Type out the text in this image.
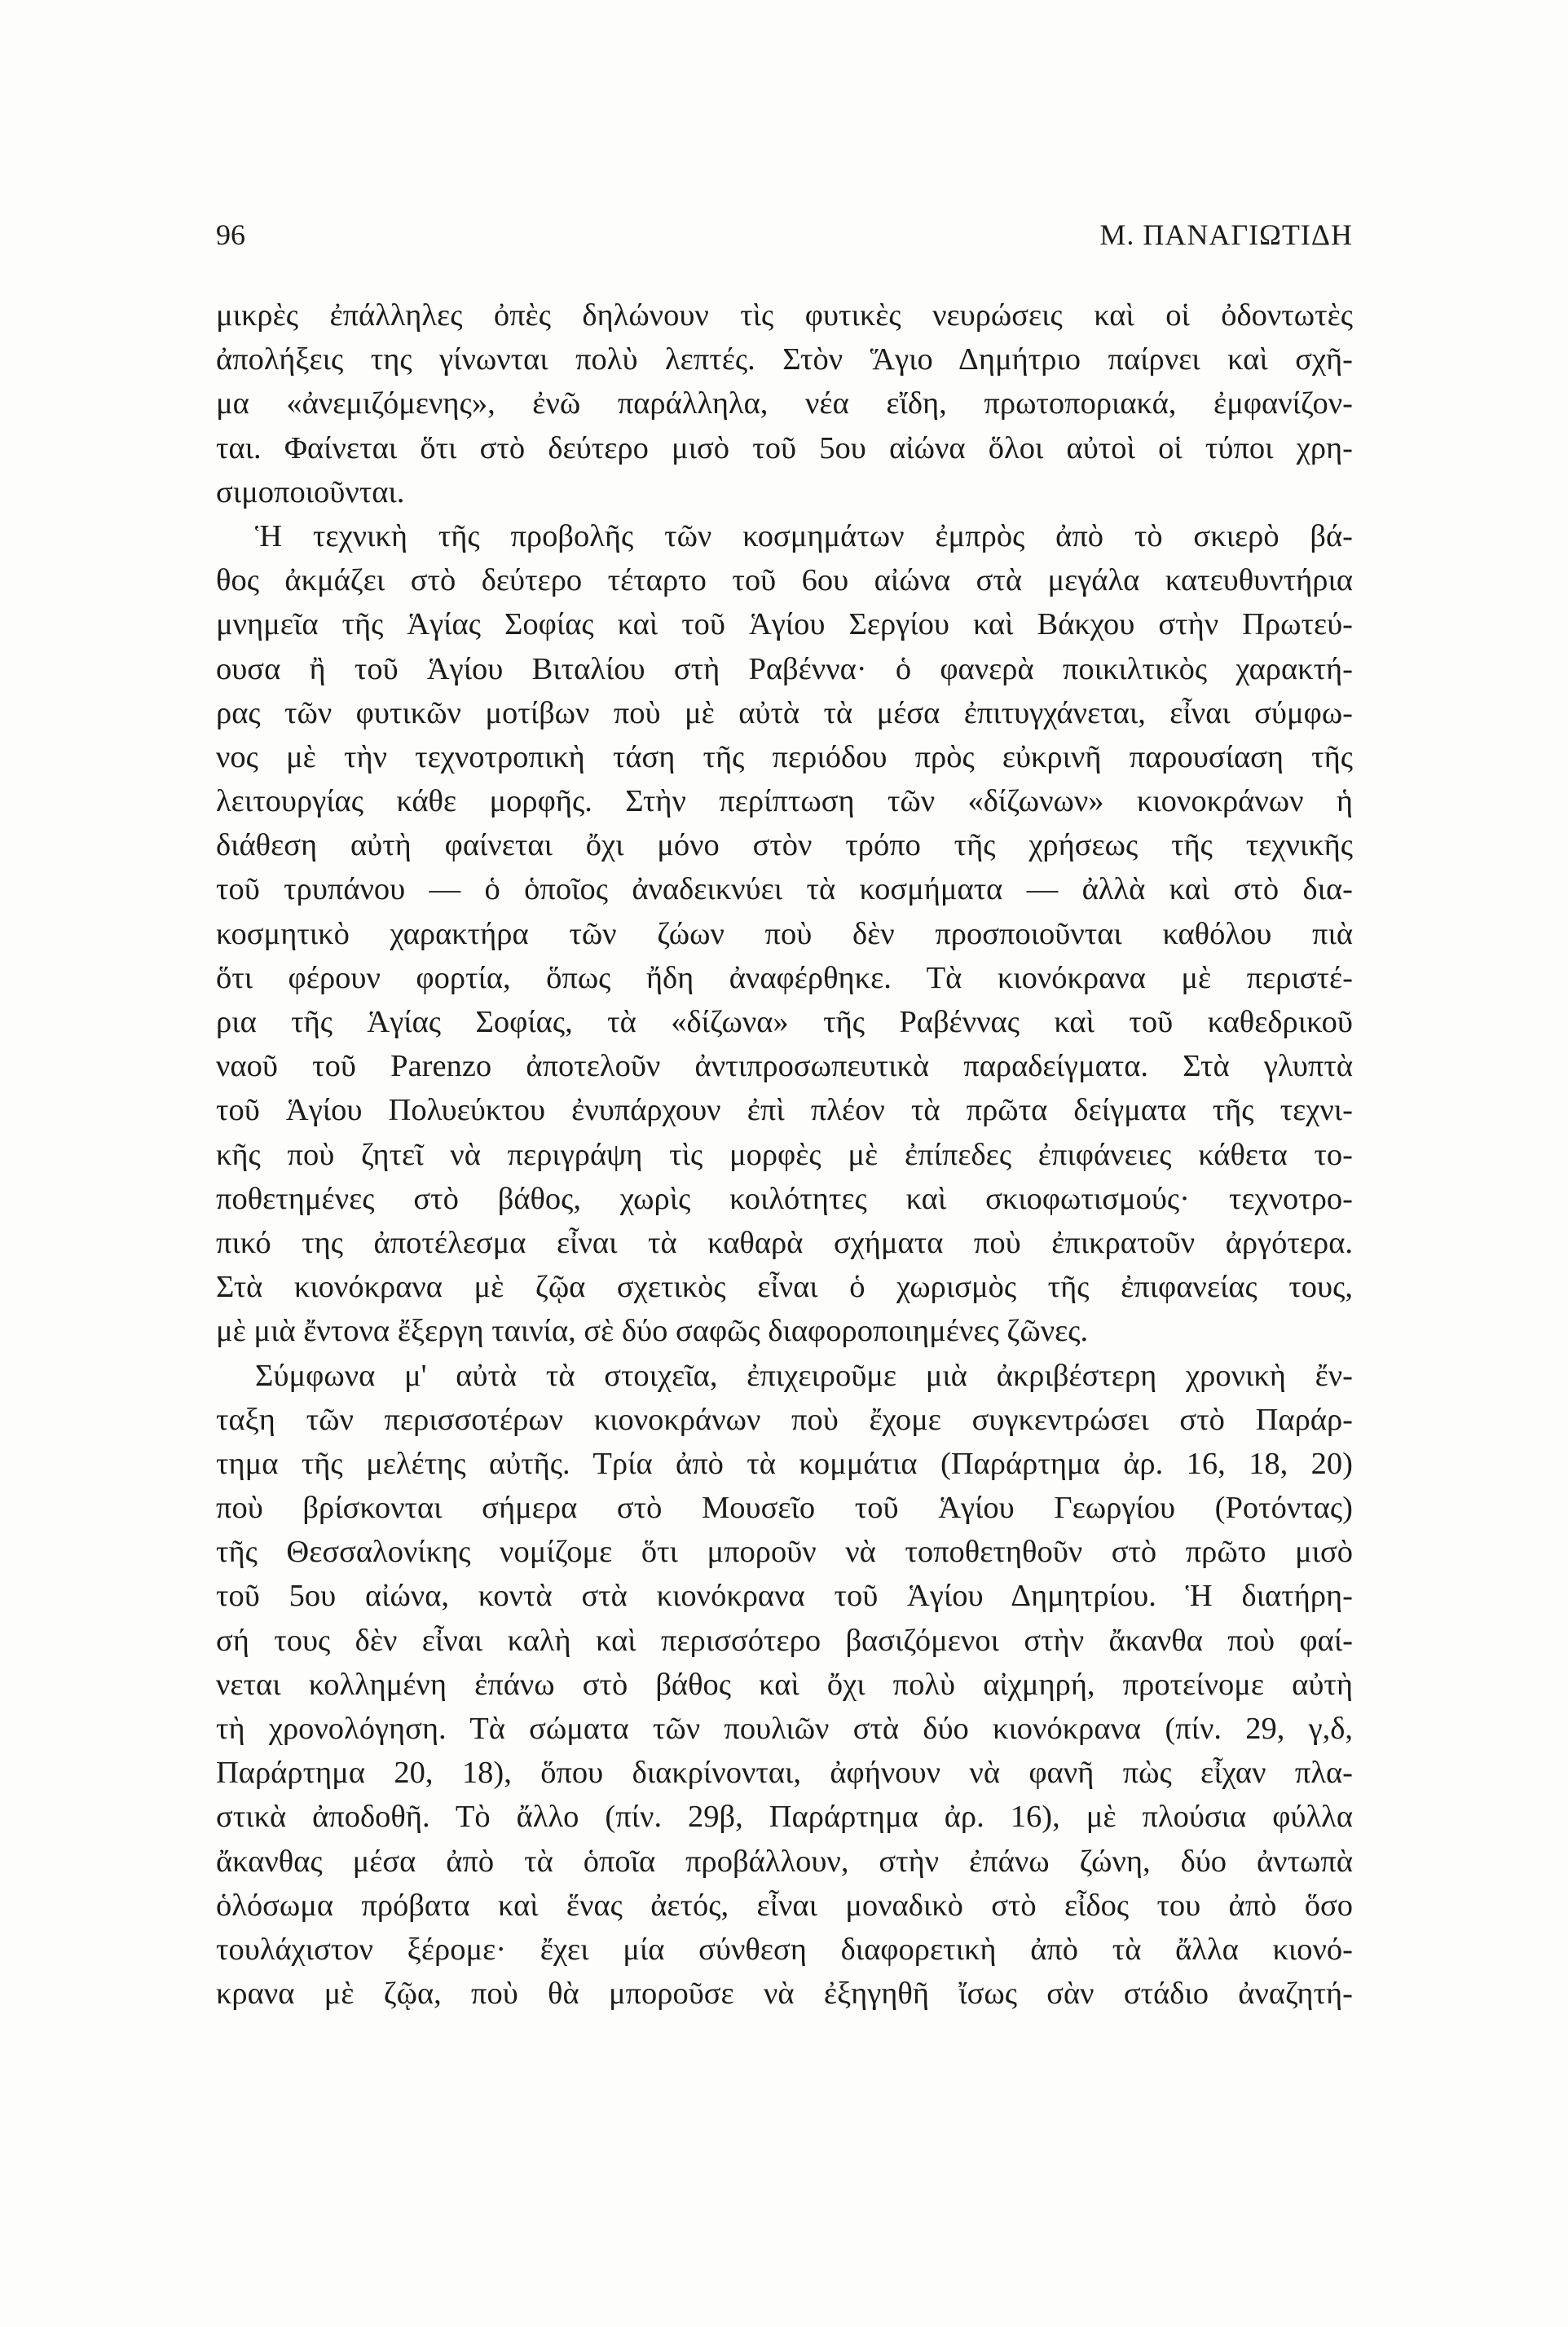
96	Μ. ΠΑΝΑΓΙΩΤΙΔΗ
μικρὲς ἐπάλληλες ὀπὲς δηλώνουν τὶς φυτικὲς νευρώσεις καὶ οἱ ὀδοντωτὲς
ἀπολήξεις της γίνωνται πολὺ λεπτές. Στὸν Ἅγιο Δημήτριο παίρνει καὶ σχῆ-
μα «ἀνεμιζόμενης», ἐνῶ παράλληλα, νέα εἴδη, πρωτοποριακά, ἐμφανίζον-
ται. Φαίνεται ὅτι στὸ δεύτερο μισὸ τοῦ 5ου αἰώνα ὅλοι αὐτοὶ οἱ τύποι χρη-
σιμοποιοῦνται.
Ἡ τεχνικὴ τῆς προβολῆς τῶν κοσμημάτων ἐμπρὸς ἀπὸ τὸ σκιερὸ βά-
θος ἀκμάζει στὸ δεύτερο τέταρτο τοῦ 6ου αἰώνα στὰ μεγάλα κατευθυντήρια
μνημεῖα τῆς Ἁγίας Σοφίας καὶ τοῦ Ἁγίου Σεργίου καὶ Βάκχου στὴν Πρωτεύ-
ουσα ἢ τοῦ Ἁγίου Βιταλίου στὴ Ραβέννα· ὁ φανερὰ ποικιλτικὸς χαρακτή-
ρας τῶν φυτικῶν μοτίβων ποὺ μὲ αὐτὰ τὰ μέσα ἐπιτυγχάνεται, εἶναι σύμφω-
νος μὲ τὴν τεχνοτροπικὴ τάση τῆς περιόδου πρὸς εὐκρινῆ παρουσίαση τῆς
λειτουργίας κάθε μορφῆς. Στὴν περίπτωση τῶν «δίζωνων» κιονοκράνων ἡ
διάθεση αὐτὴ φαίνεται ὄχι μόνο στὸν τρόπο τῆς χρήσεως τῆς τεχνικῆς
τοῦ τρυπάνου — ὁ ὁποῖος ἀναδεικνύει τὰ κοσμήματα — ἀλλὰ καὶ στὸ δια-
κοσμητικὸ χαρακτήρα τῶν ζώων ποὺ δὲν προσποιοῦνται καθόλου πιὰ
ὅτι φέρουν φορτία, ὅπως ἤδη ἀναφέρθηκε. Τὰ κιονόκρανα μὲ περιστέ-
ρια τῆς Ἁγίας Σοφίας, τὰ «δίζωνα» τῆς Ραβέννας καὶ τοῦ καθεδρικοῦ
ναοῦ τοῦ Parenzo ἀποτελοῦν ἀντιπροσωπευτικὰ παραδείγματα. Στὰ γλυπτὰ
τοῦ Ἁγίου Πολυεύκτου ἐνυπάρχουν ἐπὶ πλέον τὰ πρῶτα δείγματα τῆς τεχνι-
κῆς ποὺ ζητεῖ νὰ περιγράψη τὶς μορφὲς μὲ ἐπίπεδες ἐπιφάνειες κάθετα το-
ποθετημένες στὸ βάθος, χωρὶς κοιλότητες καὶ σκιοφωτισμούς· τεχνοτρο-
πικό της ἀποτέλεσμα εἶναι τὰ καθαρὰ σχήματα ποὺ ἐπικρατοῦν ἀργότερα.
Στὰ κιονόκρανα μὲ ζῷα σχετικὸς εἶναι ὁ χωρισμὸς τῆς ἐπιφανείας τους,
μὲ μιὰ ἔντονα ἔξεργη ταινία, σὲ δύο σαφῶς διαφοροποιημένες ζῶνες.
Σύμφωνα μ' αὐτὰ τὰ στοιχεῖα, ἐπιχειροῦμε μιὰ ἀκριβέστερη χρονικὴ ἔν-
ταξη τῶν περισσοτέρων κιονοκράνων ποὺ ἔχομε συγκεντρώσει στὸ Παράρ-
τημα τῆς μελέτης αὐτῆς. Τρία ἀπὸ τὰ κομμάτια (Παράρτημα ἀρ. 16, 18, 20)
ποὺ βρίσκονται σήμερα στὸ Μουσεῖο τοῦ Ἁγίου Γεωργίου (Ροτόντας)
τῆς Θεσσαλονίκης νομίζομε ὅτι μποροῦν νὰ τοποθετηθοῦν στὸ πρῶτο μισὸ
τοῦ 5ου αἰώνα, κοντὰ στὰ κιονόκρανα τοῦ Ἁγίου Δημητρίου. Ἡ διατήρη-
σή τους δὲν εἶναι καλὴ καὶ περισσότερο βασιζόμενοι στὴν ἄκανθα ποὺ φαί-
νεται κολλημένη ἐπάνω στὸ βάθος καὶ ὄχι πολὺ αἰχμηρή, προτείνομε αὐτὴ
τὴ χρονολόγηση. Τὰ σώματα τῶν πουλιῶν στὰ δύο κιονόκρανα (πίν. 29, γ,δ,
Παράρτημα 20, 18), ὅπου διακρίνονται, ἀφήνουν νὰ φανῆ πὼς εἶχαν πλα-
στικὰ ἀποδοθῆ. Τὸ ἄλλο (πίν. 29β, Παράρτημα ἀρ. 16), μὲ πλούσια φύλλα
ἄκανθας μέσα ἀπὸ τὰ ὁποῖα προβάλλουν, στὴν ἐπάνω ζώνη, δύο ἀντωπὰ
ὁλόσωμα πρόβατα καὶ ἕνας ἀετός, εἶναι μοναδικὸ στὸ εἶδος του ἀπὸ ὅσο
τουλάχιστον ξέρομε· ἔχει μία σύνθεση διαφορετικὴ ἀπὸ τὰ ἄλλα κιονό-
κρανα μὲ ζῷα, ποὺ θὰ μποροῦσε νὰ ἐξηγηθῆ ἴσως σὰν στάδιο ἀναζητή-
